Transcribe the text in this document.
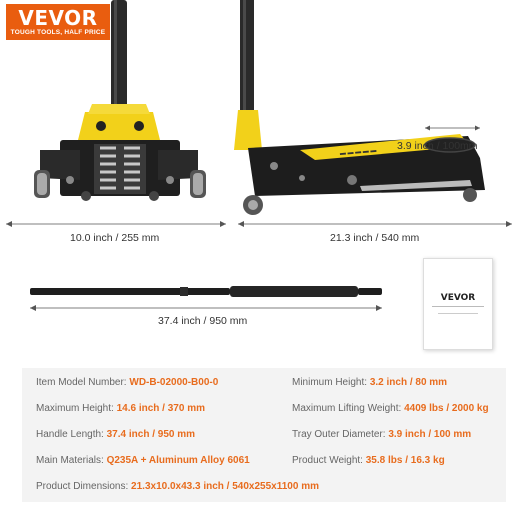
VEVOR
TOUGH TOOLS, HALF PRICE
▬ ▬ ▬ ▬ ▬
10.0 inch / 255 mm	21.3 inch / 540 mm
3.9 inch / 100mm
37.4 inch / 950 mm
VEVOR
Item Model Number: WD-B-02000-B00-0	Minimum Height: 3.2 inch / 80 mm
Maximum Height: 14.6 inch / 370 mm	Maximum Lifting Weight: 4409 lbs / 2000 kg
Handle Length: 37.4 inch / 950 mm	Tray Outer Diameter: 3.9 inch / 100 mm
Main Materials: Q235A + Aluminum Alloy 6061	Product Weight: 35.8 lbs / 16.3 kg
Product Dimensions: 21.3x10.0x43.3 inch / 540x255x1100 mm
